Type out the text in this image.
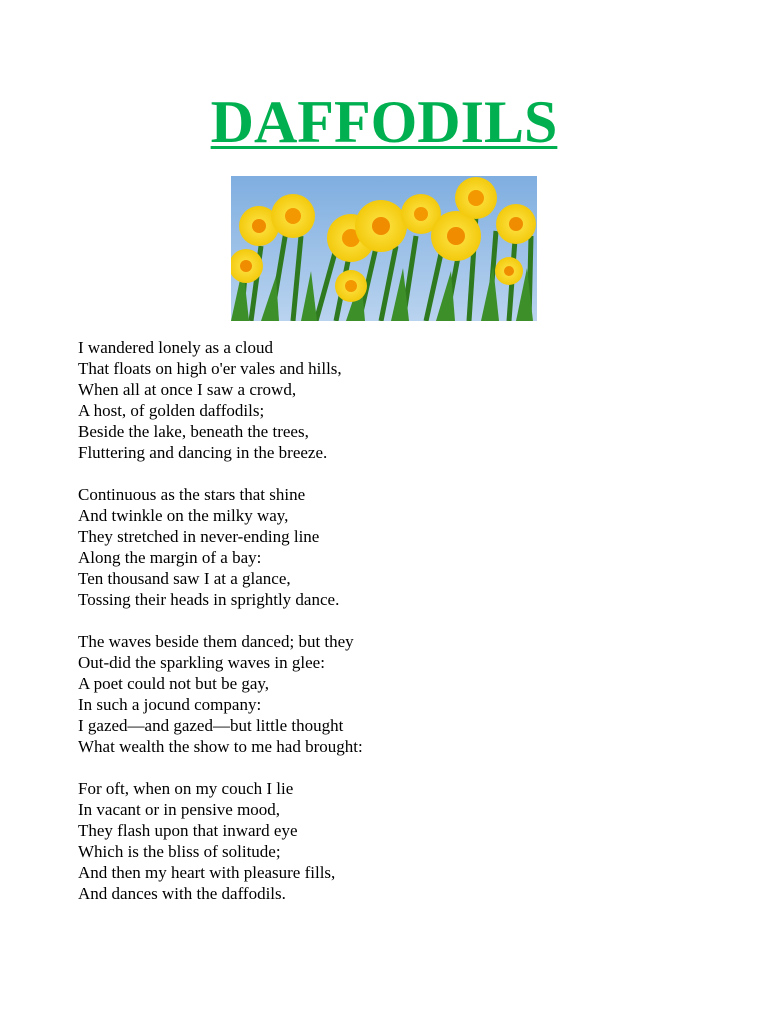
DAFFODILS
I wandered lonely as a cloud
That floats on high o'er vales and hills,
When all at once I saw a crowd,
A host, of golden daffodils;
Beside the lake, beneath the trees,
Fluttering and dancing in the breeze.
Continuous as the stars that shine
And twinkle on the milky way,
They stretched in never-ending line
Along the margin of a bay:
Ten thousand saw I at a glance,
Tossing their heads in sprightly dance.
The waves beside them danced; but they
Out-did the sparkling waves in glee:
A poet could not but be gay,
In such a jocund company:
I gazed—and gazed—but little thought
What wealth the show to me had brought:
For oft, when on my couch I lie
In vacant or in pensive mood,
They flash upon that inward eye
Which is the bliss of solitude;
And then my heart with pleasure fills,
And dances with the daffodils.
